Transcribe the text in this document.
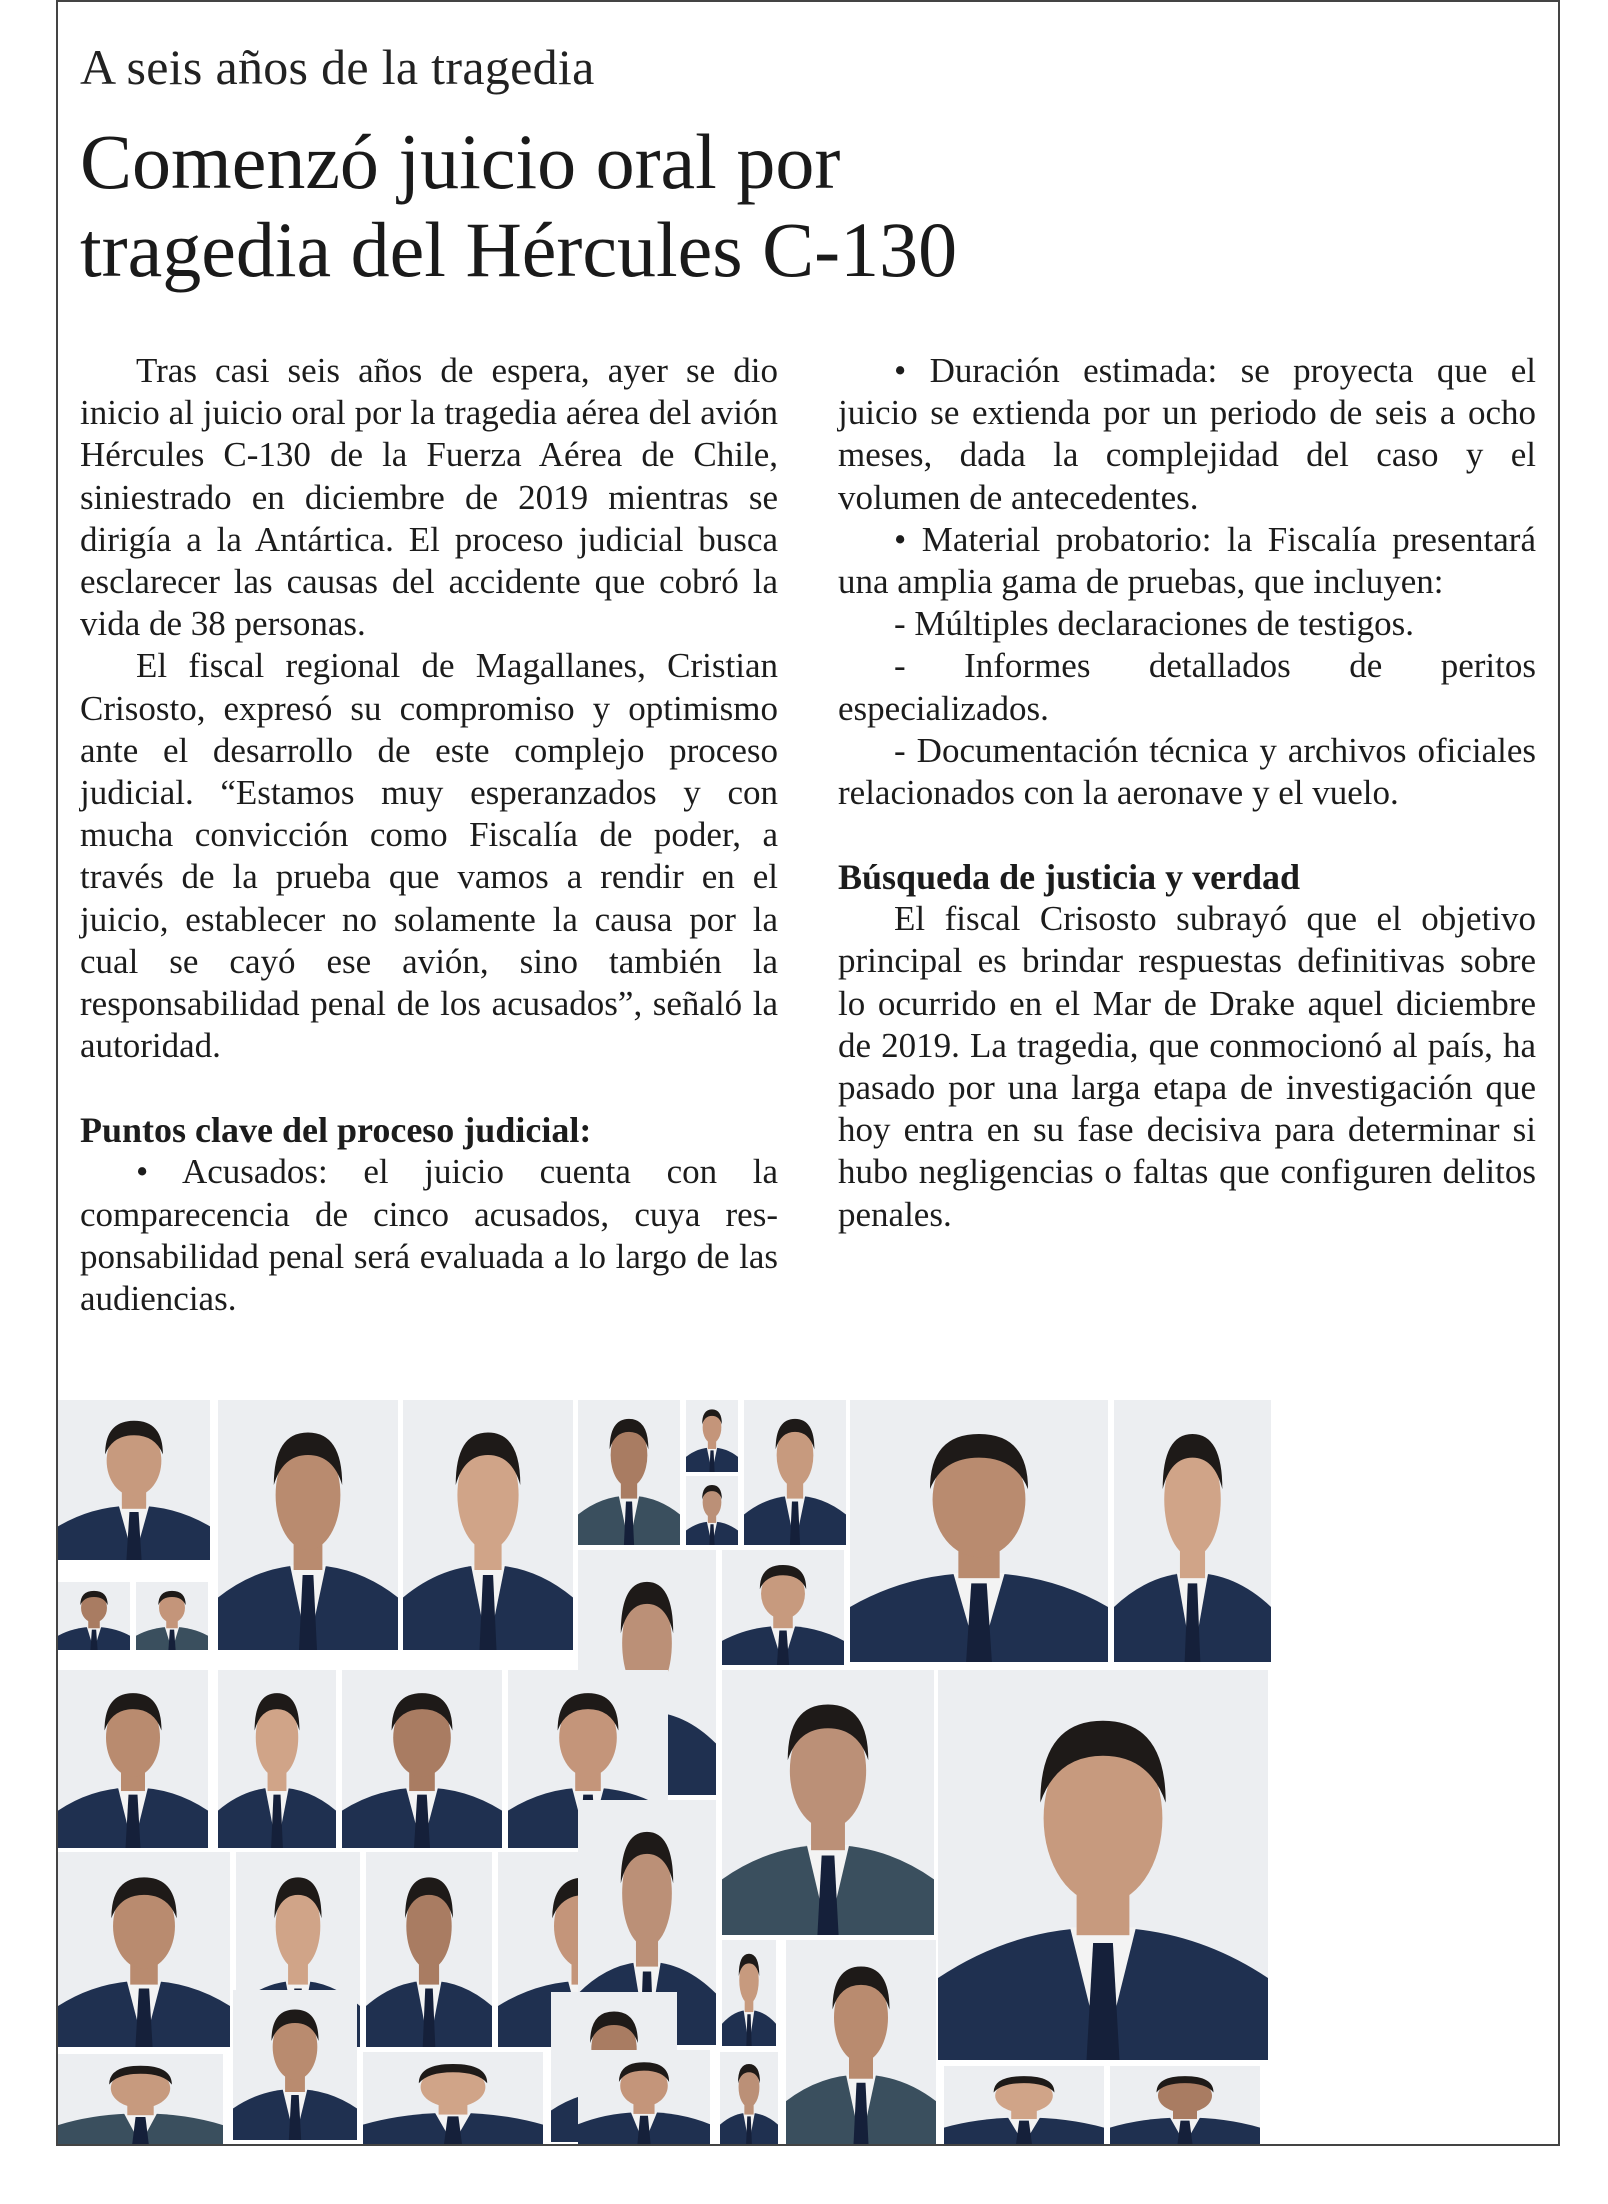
A seis años de la tragedia
Comenzó juicio oral por
tragedia del Hércules C-130

Tras casi seis años de espera, ayer se dio inicio al juicio oral por la tragedia aérea del avión Hércules C-130 de la Fuerza Aérea de Chile, siniestrado en diciembre de 2019 mientras se dirigía a la Antártica. El proceso judicial busca esclarecer las causas del accidente que cobró la vida de 38 personas.

El fiscal regional de Magallanes, Cristian Crisosto, expresó su compromiso y optimismo ante el desarrollo de este complejo proceso judicial. “Estamos muy esperanzados y con mucha convicción como Fiscalía de poder, a través de la prueba que vamos a rendir en el juicio, establecer no solamente la causa por la cual se cayó ese avión, sino también la responsabilidad penal de los acusados”, señaló la autoridad.

Puntos clave del proceso judicial:

• Acusados: el juicio cuenta con la comparecencia de cinco acusados, cuya responsabilidad penal será evaluada a lo largo de las audiencias.

• Duración estimada: se proyecta que el juicio se extienda por un periodo de seis a ocho meses, dada la complejidad del caso y el volumen de antecedentes.

• Material probatorio: la Fiscalía presentará una amplia gama de pruebas, que incluyen:

- Múltiples declaraciones de testigos.

- Informes detallados de peritos especializados.

- Documentación técnica y archivos oficiales relacionados con la aeronave y el vuelo.

Búsqueda de justicia y verdad

El fiscal Crisosto subrayó que el objetivo principal es brindar respuestas definitivas sobre lo ocurrido en el Mar de Drake aquel diciembre de 2019. La tragedia, que conmocionó al país, ha pasado por una larga etapa de investigación que hoy entra en su fase decisiva para determinar si hubo negligencias o faltas que configuren delitos penales.
